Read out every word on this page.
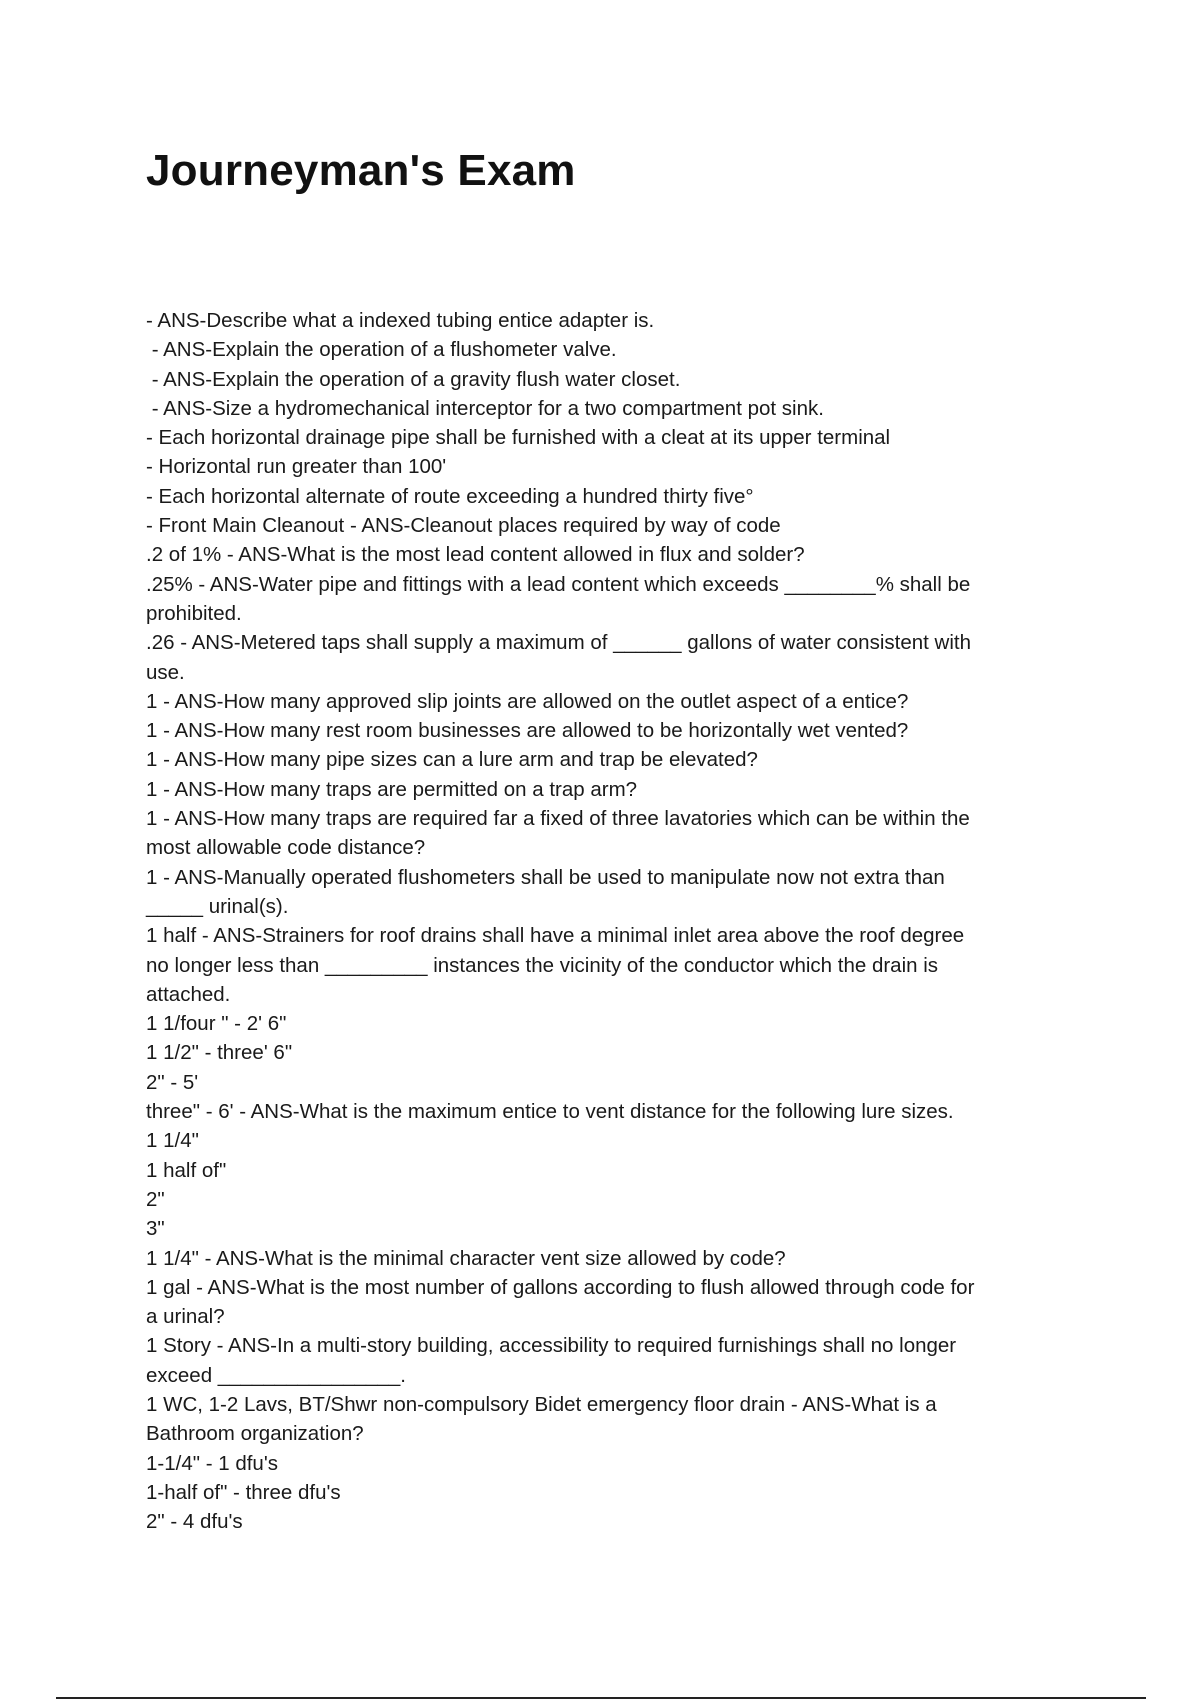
Journeyman's Exam

- ANS-Describe what a indexed tubing entice adapter is.

- ANS-Explain the operation of a flushometer valve.

- ANS-Explain the operation of a gravity flush water closet.

- ANS-Size a hydromechanical interceptor for a two compartment pot sink.

- Each horizontal drainage pipe shall be furnished with a cleat at its upper terminal

- Horizontal run greater than 100'

- Each horizontal alternate of route exceeding a hundred thirty five°

- Front Main Cleanout - ANS-Cleanout places required by way of code

.2 of 1% - ANS-What is the most lead content allowed in flux and solder?

.25% - ANS-Water pipe and fittings with a lead content which exceeds ________% shall be

prohibited.

.26 - ANS-Metered taps shall supply a maximum of ______ gallons of water consistent with

use.

1 - ANS-How many approved slip joints are allowed on the outlet aspect of a entice?

1 - ANS-How many rest room businesses are allowed to be horizontally wet vented?

1 - ANS-How many pipe sizes can a lure arm and trap be elevated?

1 - ANS-How many traps are permitted on a trap arm?

1 - ANS-How many traps are required far a fixed of three lavatories which can be within the

most allowable code distance?

1 - ANS-Manually operated flushometers shall be used to manipulate now not extra than

_____ urinal(s).

1 half - ANS-Strainers for roof drains shall have a minimal inlet area above the roof degree

no longer less than _________ instances the vicinity of the conductor which the drain is

attached.

1 1/four " - 2' 6"

1 1/2" - three' 6"

2" - 5'

three" - 6' - ANS-What is the maximum entice to vent distance for the following lure sizes.

1 1/4"

1 half of"

2"

3"

1 1/4" - ANS-What is the minimal character vent size allowed by code?

1 gal - ANS-What is the most number of gallons according to flush allowed through code for

a urinal?

1 Story - ANS-In a multi-story building, accessibility to required furnishings shall no longer

exceed ________________.

1 WC, 1-2 Lavs, BT/Shwr non-compulsory Bidet emergency floor drain - ANS-What is a

Bathroom organization?

1-1/4" - 1 dfu's

1-half of" - three dfu's

2" - 4 dfu's
